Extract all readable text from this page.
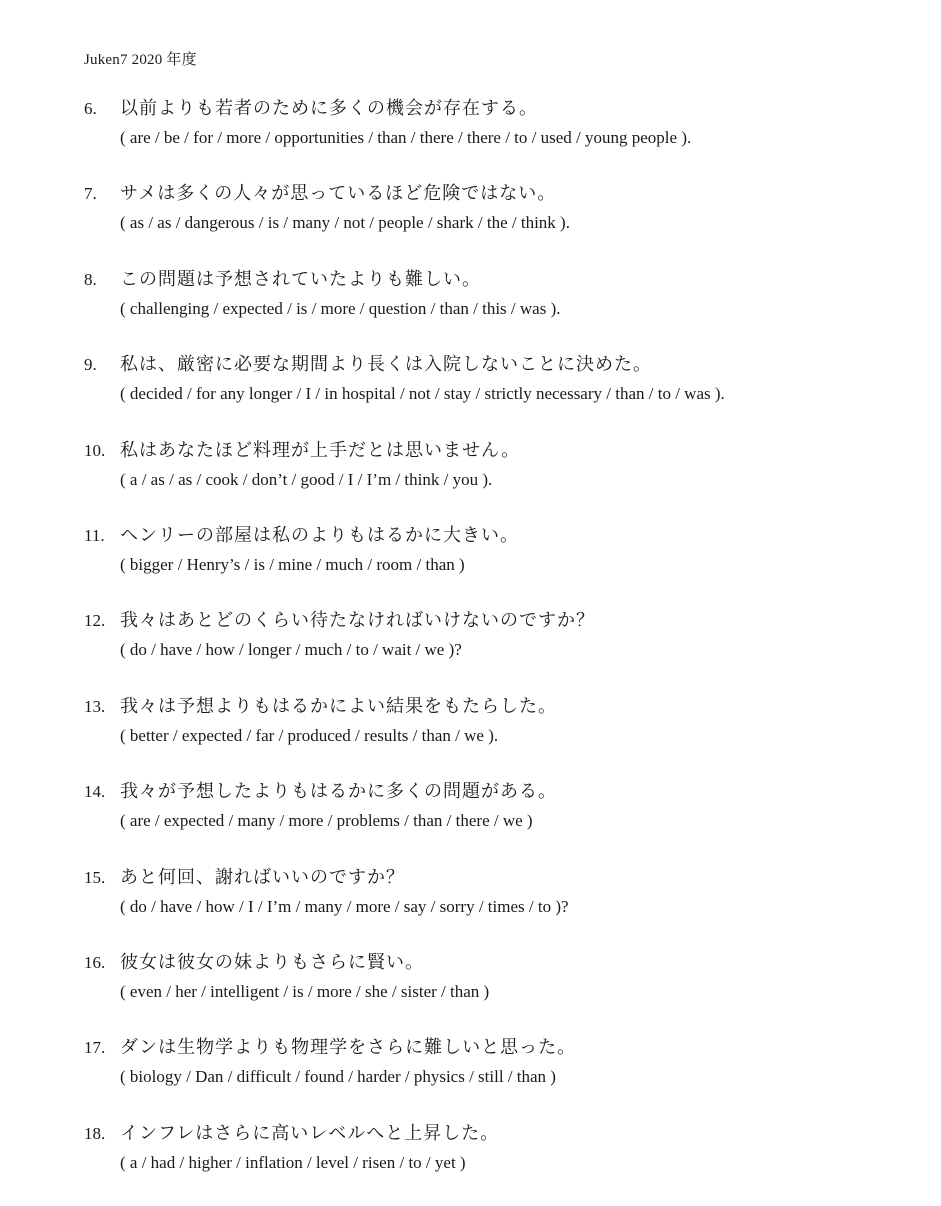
Juken7 2020 年度
6. 以前よりも若者のために多くの機会が存在する。
( are / be / for / more / opportunities / than / there / there / to / used / young people ).
7. サメは多くの人々が思っているほど危険ではない。
( as / as / dangerous / is / many / not / people / shark / the / think ).
8. この問題は予想されていたよりも難しい。
( challenging / expected / is / more / question / than / this / was ).
9. 私は、厳密に必要な期間より長くは入院しないことに決めた。
( decided / for any longer / I / in hospital / not / stay / strictly necessary / than / to / was ).
10. 私はあなたほど料理が上手だとは思いません。
( a / as / as / cook / don’t / good / I / I’m / think / you ).
11. ヘンリーの部屋は私のよりもはるかに大きい。
( bigger / Henry’s / is / mine / much / room / than )
12. 我々はあとどのくらい待たなければいけないのですか？
( do / have / how / longer / much / to / wait / we )?
13. 我々は予想よりもはるかによい結果をもたらした。
( better / expected / far / produced / results / than / we ).
14. 我々が予想したよりもはるかに多くの問題がある。
( are / expected / many / more / problems / than / there / we )
15. あと何回、謝ればいいのですか？
( do / have / how / I / I’m / many / more / say / sorry / times / to )?
16. 彼女は彼女の妹よりもさらに賢い。
( even / her / intelligent / is / more / she / sister / than )
17. ダンは生物学よりも物理学をさらに難しいと思った。
( biology / Dan / difficult / found / harder / physics / still / than )
18. インフレはさらに高いレベルへと上昇した。
( a / had / higher / inflation / level / risen / to / yet )
